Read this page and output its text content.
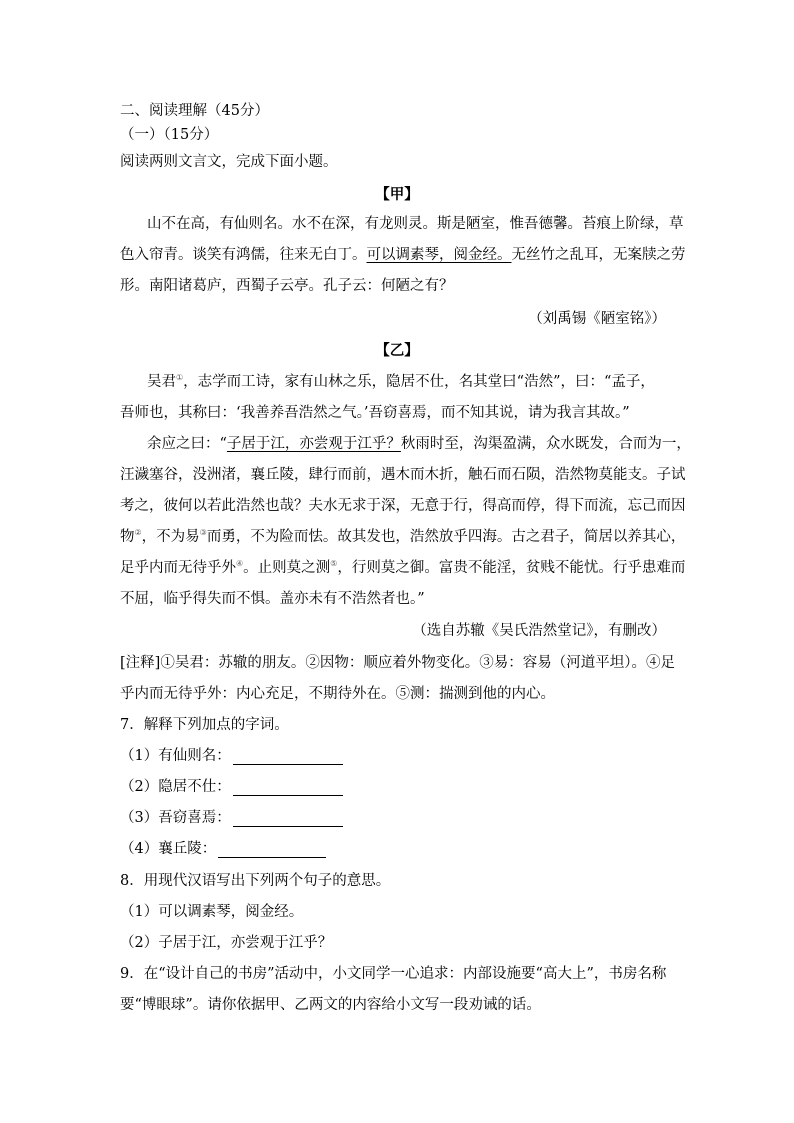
二、阅读理解（45分）
（一）（15分）
阅读两则文言文，完成下面小题。
【甲】
山不在高，有仙则名。水不在深，有龙则灵。斯是陋室，惟吾德馨。苔痕上阶绿，草
色入帘青。谈笑有鸿儒，往来无白丁。可以调素琴，阅金经。无丝竹之乱耳，无案牍之劳
形。南阳诸葛庐，西蜀子云亭。孔子云：何陋之有？
（刘禹锡《陋室铭》）
【乙】
吴君①，志学而工诗，家有山林之乐，隐居不仕，名其堂曰“浩然”，曰：“孟子，
吾师也，其称曰：‘我善养吾浩然之气。’吾窃喜焉，而不知其说，请为我言其故。”
余应之曰：“子居于江，亦尝观于江乎？秋雨时至，沟渠盈满，众水既发，合而为一，
汪濊塞谷，没洲渚，襄丘陵，肆行而前，遇木而木折，触石而石陨，浩然物莫能支。子试
考之，彼何以若此浩然也哉？夫水无求于深，无意于行，得高而停，得下而流，忘己而因
物②，不为易③而勇，不为险而怯。故其发也，浩然放乎四海。古之君子，简居以养其心，
足乎内而无待乎外④。止则莫之测⑤，行则莫之御。富贵不能淫，贫贱不能忧。行乎患难而
不屈，临乎得失而不惧。盖亦未有不浩然者也。”
（选自苏辙《吴氏浩然堂记》，有删改）
[注释]①吴君：苏辙的朋友。②因物：顺应着外物变化。③易：容易（河道平坦）。④足
乎内而无待乎外：内心充足，不期待外在。⑤测：揣测到他的内心。
7．解释下列加点的字词。
（1）有仙则名：
（2）隐居不仕：
（3）吾窃喜焉：
（4）襄丘陵：
8．用现代汉语写出下列两个句子的意思。
（1）可以调素琴，阅金经。
（2）子居于江，亦尝观于江乎？
9．在“设计自己的书房”活动中，小文同学一心追求：内部设施要“高大上”，书房名称
要“博眼球”。请你依据甲、乙两文的内容给小文写一段劝诫的话。
